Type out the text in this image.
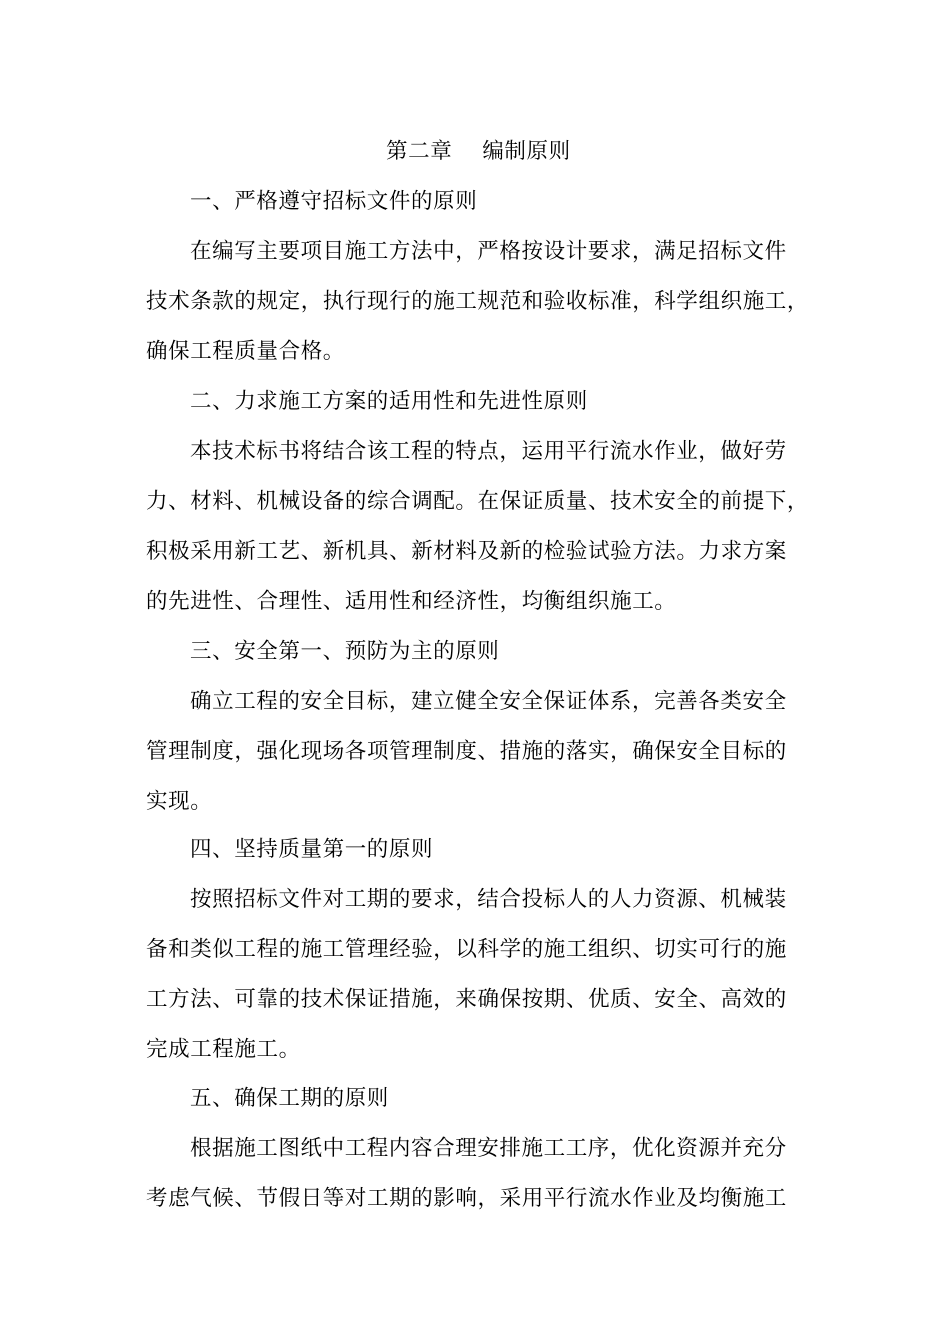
第二章 编制原则
一、严格遵守招标文件的原则
在编写主要项目施工方法中，严格按设计要求，满足招标文件
技术条款的规定，执行现行的施工规范和验收标准，科学组织施工，
确保工程质量合格。
二、力求施工方案的适用性和先进性原则
本技术标书将结合该工程的特点，运用平行流水作业，做好劳
力、材料、机械设备的综合调配。在保证质量、技术安全的前提下，
积极采用新工艺、新机具、新材料及新的检验试验方法。力求方案
的先进性、合理性、适用性和经济性，均衡组织施工。
三、安全第一、预防为主的原则
确立工程的安全目标，建立健全安全保证体系，完善各类安全
管理制度，强化现场各项管理制度、措施的落实，确保安全目标的
实现。
四、坚持质量第一的原则
按照招标文件对工期的要求，结合投标人的人力资源、机械装
备和类似工程的施工管理经验，以科学的施工组织、切实可行的施
工方法、可靠的技术保证措施，来确保按期、优质、安全、高效的
完成工程施工。
五、确保工期的原则
根据施工图纸中工程内容合理安排施工工序，优化资源并充分
考虑气候、节假日等对工期的影响，采用平行流水作业及均衡施工
